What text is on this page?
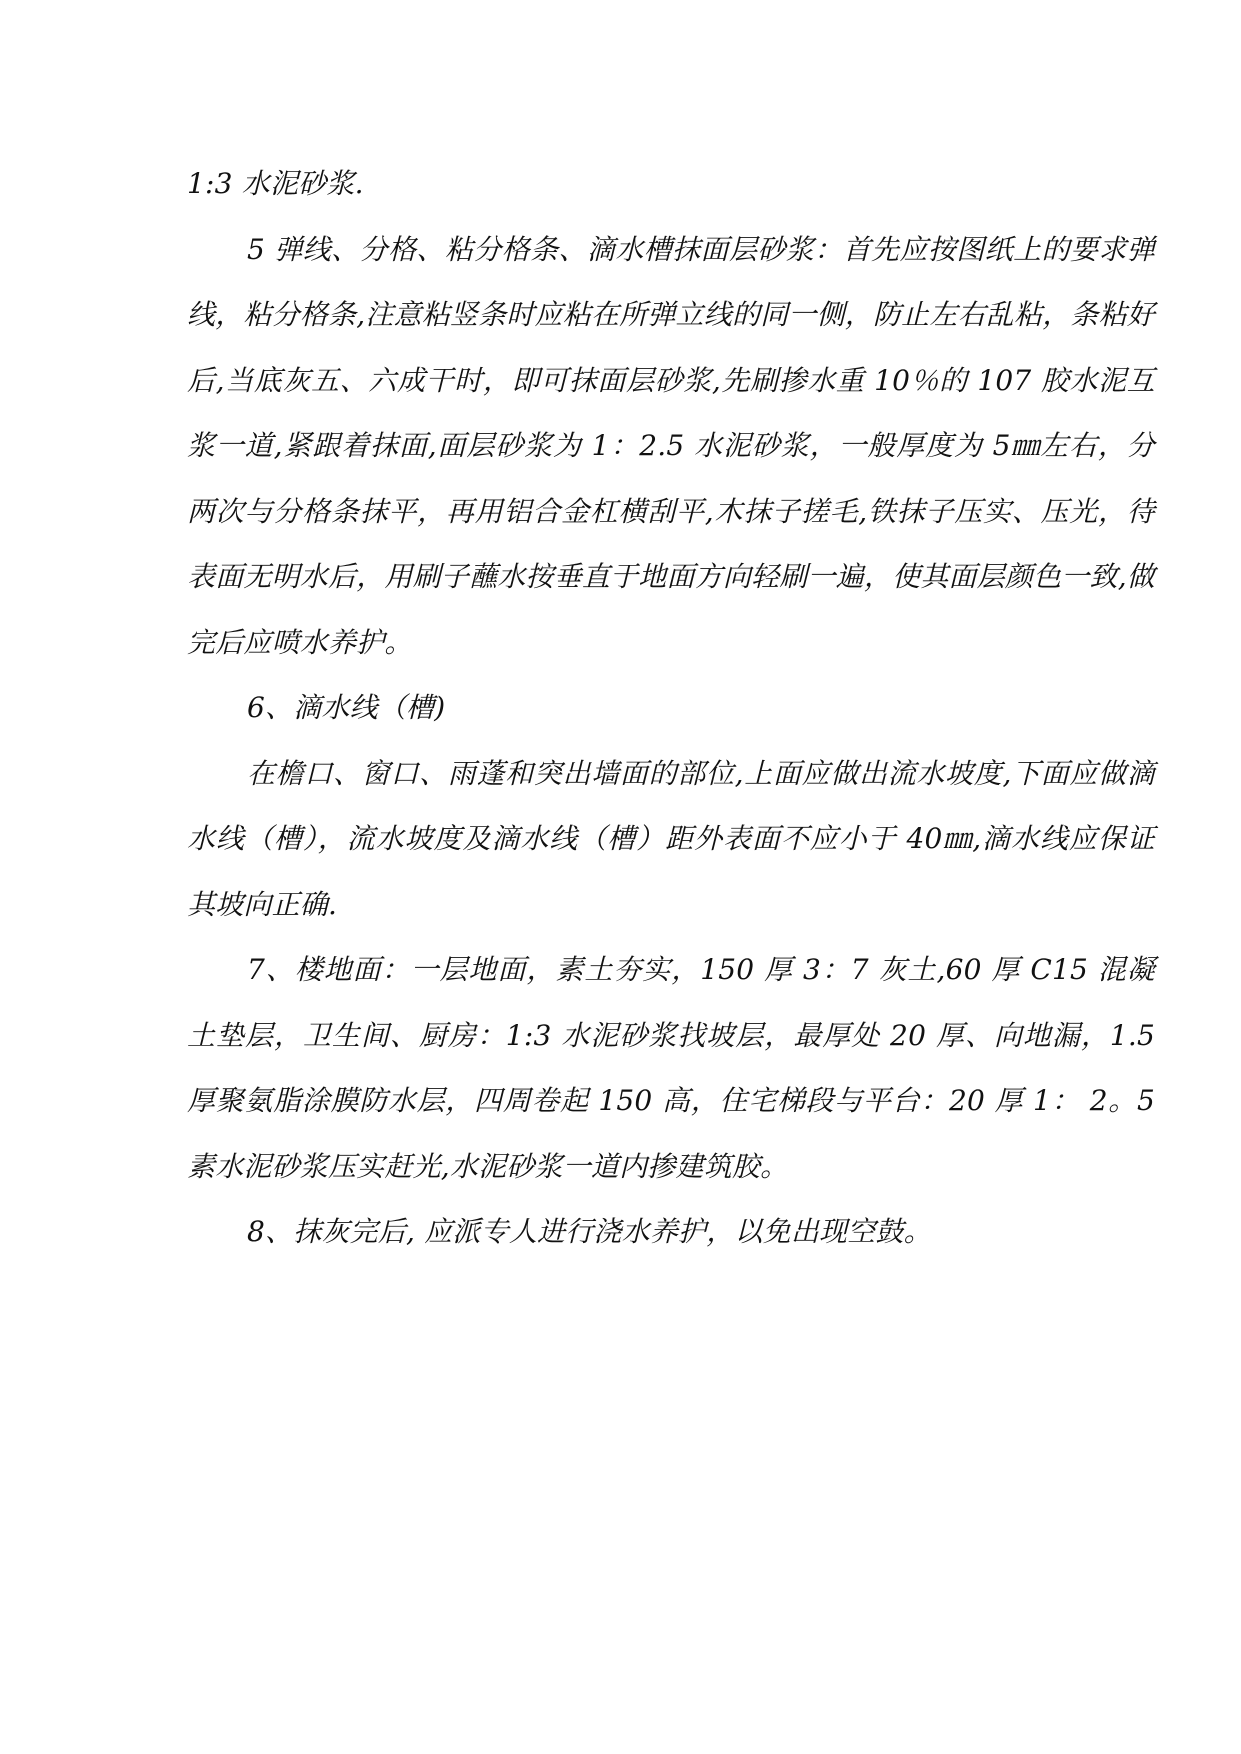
1:3 水泥砂浆.

5 弹线、分格、粘分格条、滴水槽抹面层砂浆：首先应按图纸上的要求弹线，粘分格条,注意粘竖条时应粘在所弹立线的同一侧，防止左右乱粘，条粘好后,当底灰五、六成干时，即可抹面层砂浆,先刷掺水重 10％的 107 胶水泥互浆一道,紧跟着抹面,面层砂浆为 1：2.5 水泥砂浆，一般厚度为 5㎜左右，分两次与分格条抹平，再用铝合金杠横刮平,木抹子搓毛,铁抹子压实、压光，待表面无明水后，用刷子蘸水按垂直于地面方向轻刷一遍，使其面层颜色一致,做完后应喷水养护。

6、滴水线（槽)

在檐口、窗口、雨蓬和突出墙面的部位,上面应做出流水坡度,下面应做滴水线（槽），流水坡度及滴水线（槽）距外表面不应小于 40㎜,滴水线应保证其坡向正确.

7、楼地面：一层地面，素土夯实，150 厚 3：7 灰土,60 厚 C15 混凝土垫层，卫生间、厨房：1:3 水泥砂浆找坡层，最厚处 20 厚、向地漏，1.5 厚聚氨脂涂膜防水层，四周卷起 150 高，住宅梯段与平台：20 厚 1： 2。5 素水泥砂浆压实赶光,水泥砂浆一道内掺建筑胶。

8、抹灰完后, 应派专人进行浇水养护，以免出现空鼓。
